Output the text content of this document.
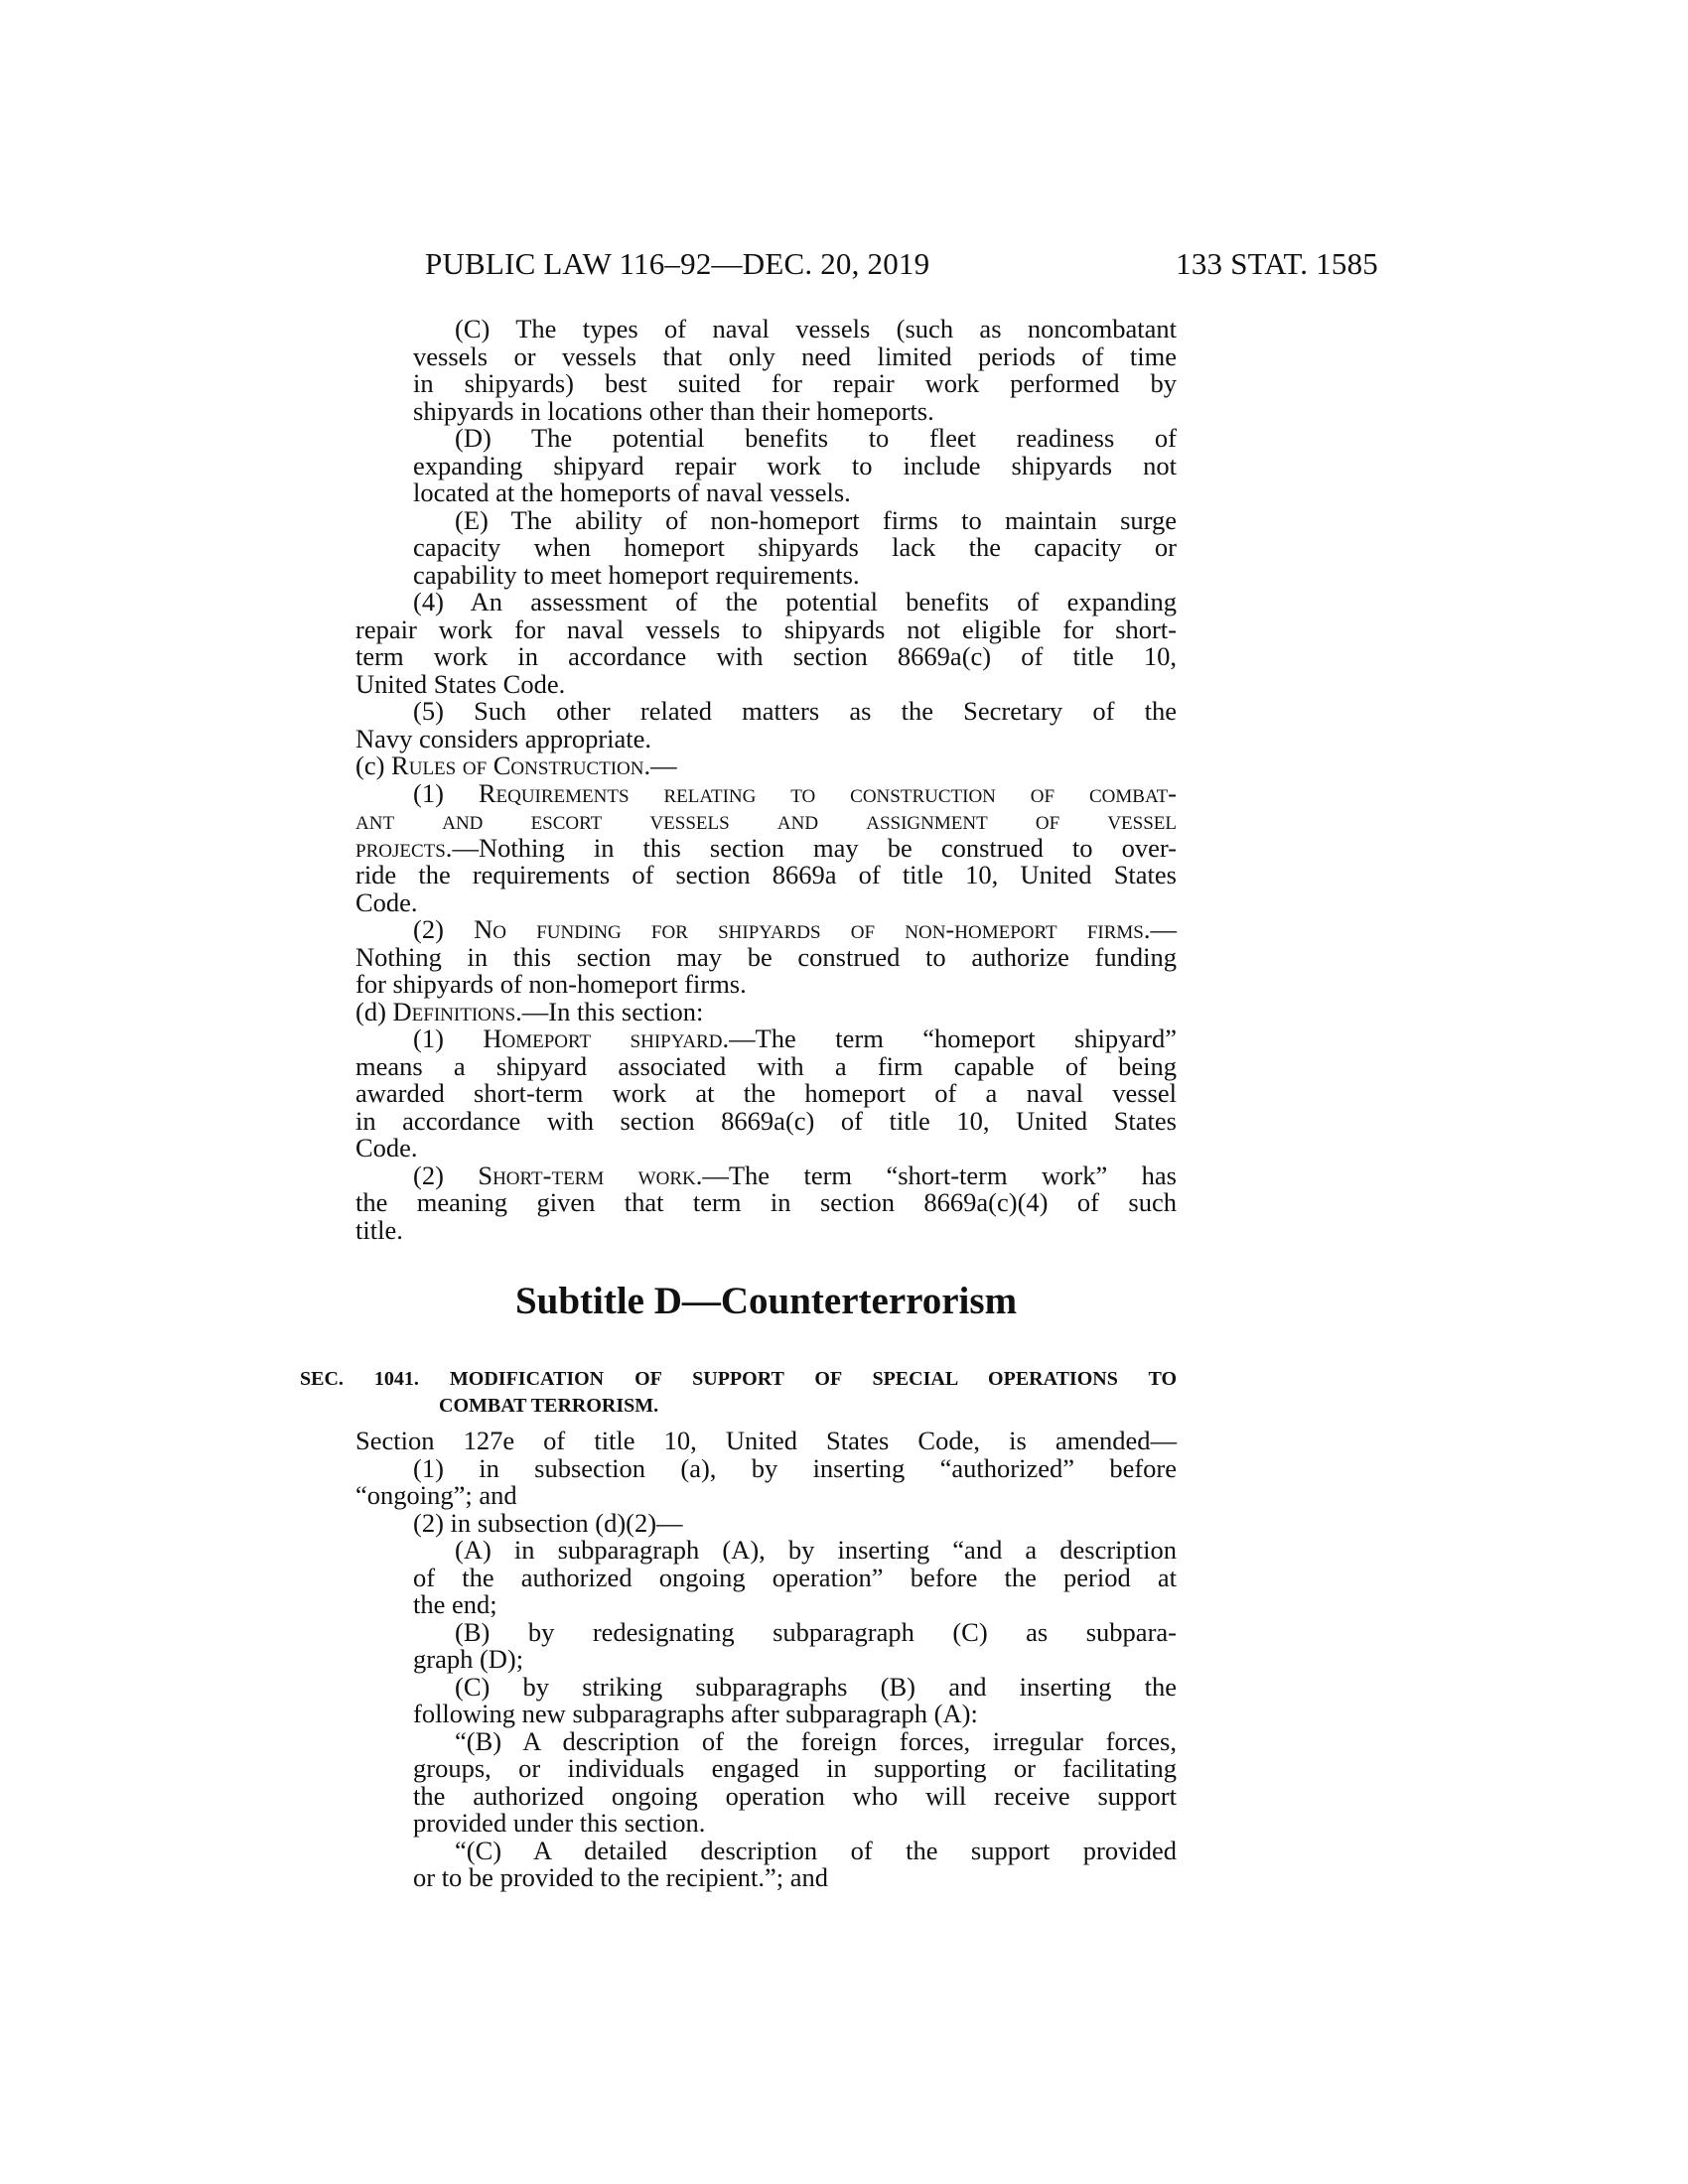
PUBLIC LAW 116–92—DEC. 20, 2019	133 STAT. 1585
(C) The types of naval vessels (such as noncombatant
vessels or vessels that only need limited periods of time
in shipyards) best suited for repair work performed by
shipyards in locations other than their homeports.
(D) The potential benefits to fleet readiness of
expanding shipyard repair work to include shipyards not
located at the homeports of naval vessels.
(E) The ability of non-homeport firms to maintain surge
capacity when homeport shipyards lack the capacity or
capability to meet homeport requirements.
(4) An assessment of the potential benefits of expanding
repair work for naval vessels to shipyards not eligible for short-
term work in accordance with section 8669a(c) of title 10,
United States Code.
(5) Such other related matters as the Secretary of the
Navy considers appropriate.
(c) Rules of Construction.—
(1) Requirements relating to construction of combat-
ant and escort vessels and assignment of vessel
projects.—Nothing in this section may be construed to over-
ride the requirements of section 8669a of title 10, United States
Code.
(2) No funding for shipyards of non-homeport firms.—
Nothing in this section may be construed to authorize funding
for shipyards of non-homeport firms.
(d) Definitions.—In this section:
(1) Homeport shipyard.—The term “homeport shipyard”
means a shipyard associated with a firm capable of being
awarded short-term work at the homeport of a naval vessel
in accordance with section 8669a(c) of title 10, United States
Code.
(2) Short-term work.—The term “short-term work” has
the meaning given that term in section 8669a(c)(4) of such
title.
Subtitle D—Counterterrorism
SEC. 1041. MODIFICATION OF SUPPORT OF SPECIAL OPERATIONS TO
COMBAT TERRORISM.
Section 127e of title 10, United States Code, is amended—
(1) in subsection (a), by inserting “authorized” before
“ongoing”; and
(2) in subsection (d)(2)—
(A) in subparagraph (A), by inserting “and a description
of the authorized ongoing operation” before the period at
the end;
(B) by redesignating subparagraph (C) as subpara-
graph (D);
(C) by striking subparagraphs (B) and inserting the
following new subparagraphs after subparagraph (A):
“(B) A description of the foreign forces, irregular forces,
groups, or individuals engaged in supporting or facilitating
the authorized ongoing operation who will receive support
provided under this section.
“(C) A detailed description of the support provided
or to be provided to the recipient.”; and
